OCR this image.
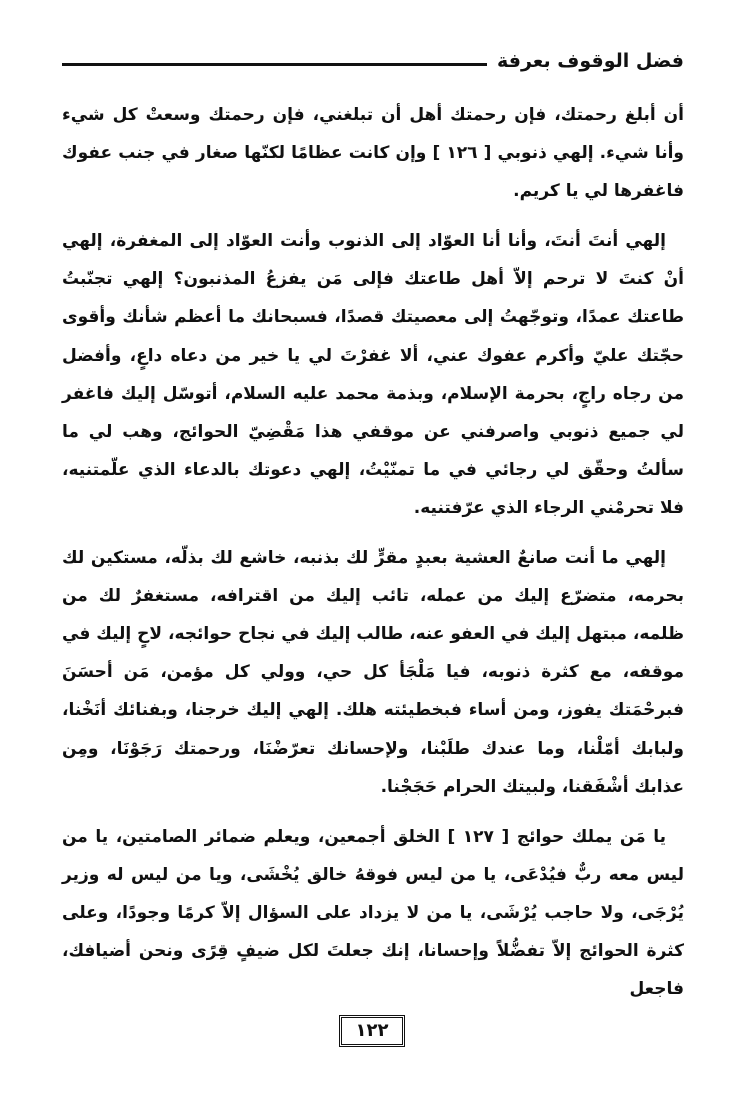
فضل الوقوف بعرفة

أن أبلغ رحمتك، فإن رحمتك أهل أن تبلغني، فإن رحمتك وسعتْ كل شيء وأنا شيء. إلهي ذنوبي [ ١٢٦ ] وإن كانت عظامًا لكنّها صغار في جنب عفوك فاغفرها لي يا كريم.

إلهي أنتَ أنتَ، وأنا أنا العوّاد إلى الذنوب وأنت العوّاد إلى المغفرة، إلهي أنْ كنتَ لا ترحم إلاّ أهل طاعتك فإلى مَن يفزعُ المذنبون؟ إلهي تجنّبتُ طاعتك عمدًا، وتوجّهتُ إلى معصيتك قصدًا، فسبحانك ما أعظم شأنك وأقوى حجّتك عليّ وأكرم عفوك عني، ألا غفرْتَ لي يا خير من دعاه داعٍ، وأفضل من رجاه راجٍ، بحرمة الإسلام، وبذمة محمد عليه السلام، أتوسّل إليك فاغفر لي جميع ذنوبي واصرفني عن موقفي هذا مَقْضِيّ الحوائج، وهب لي ما سألتُ وحقّق لي رجائي في ما تمنّيْتُ، إلهي دعوتك بالدعاء الذي علّمتنيه، فلا تحرمْني الرجاء الذي عرّفتنيه.

إلهي ما أنت صانعٌ العشية بعبدٍ مقرٍّ لك بذنبه، خاشع لك بذلّه، مستكين لك بحرمه، متضرّع إليك من عمله، تائب إليك من اقترافه، مستغفرٌ لك من ظلمه، مبتهل إليك في العفو عنه، طالب إليك في نجاح حوائجه، لاحٍ إليك في موقفه، مع كثرة ذنوبه، فيا مَلْجَأ كل حي، وولي كل مؤمن، مَن أحسَنَ فبرحْمَتك يفوز، ومن أساء فبخطيئته هلك. إلهي إليك خرجنا، وبفنائك أنَخْنا، ولبابك أمّلْنا، وما عندك طلَبْنا، ولإحسانك تعرّضْنَا، ورحمتك رَجَوْنَا، ومِن عذابك أشْفَقنا، ولبيتك الحرام حَجَجْنا.

يا مَن يملك حوائج [ ١٢٧ ] الخلق أجمعين، ويعلم ضمائر الصامتين، يا من ليس معه ربٌّ فيُدْعَى، يا من ليس فوقهُ خالق يُخْشَى، ويا من ليس له وزير يُرْجَى، ولا حاجب يُرْشَى، يا من لا يزداد على السؤال إلاّ كرمًا وجودًا، وعلى كثرة الحوائج إلاّ تفضُّلاً وإحسانا، إنك جعلتَ لكل ضيفٍ قِرًى ونحن أضيافك، فاجعل

١٢٢
